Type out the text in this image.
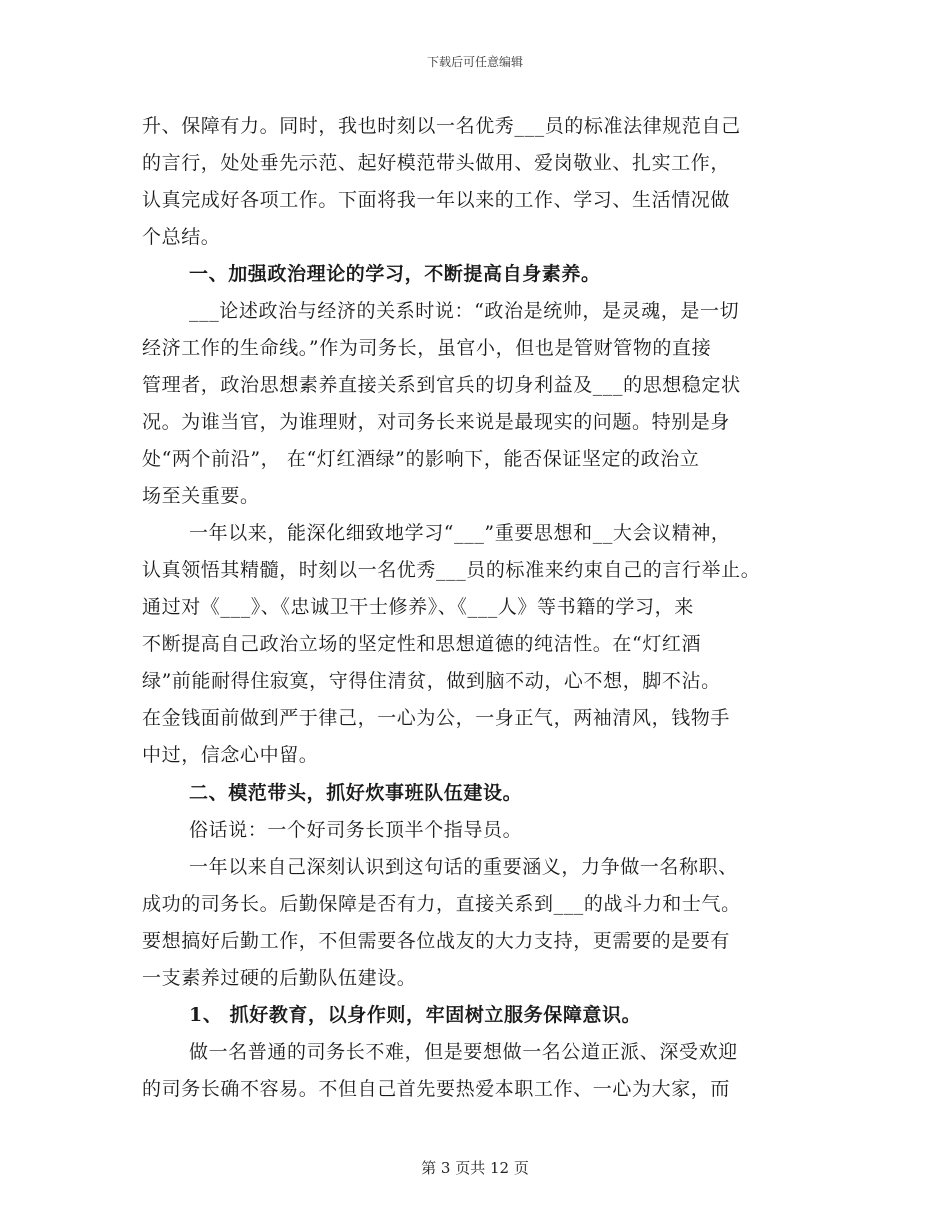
下载后可任意编辑
升、保障有力。同时，我也时刻以一名优秀___员的标准法律规范自己
的言行，处处垂先示范、起好模范带头做用、爱岗敬业、扎实工作，
认真完成好各项工作。下面将我一年以来的工作、学习、生活情况做
个总结。
一、加强政治理论的学习，不断提高自身素养。
___论述政治与经济的关系时说：“政治是统帅，是灵魂，是一切
经济工作的生命线。”作为司务长，虽官小，但也是管财管物的直接
管理者，政治思想素养直接关系到官兵的切身利益及___的思想稳定状
况。为谁当官，为谁理财，对司务长来说是最现实的问题。特别是身
处“两个前沿”， 在“灯红酒绿”的影响下，能否保证坚定的政治立
场至关重要。
一年以来，能深化细致地学习“___”重要思想和__大会议精神，
认真领悟其精髓，时刻以一名优秀___员的标准来约束自己的言行举止。
通过对《___》、《忠诚卫干士修养》、《___人》等书籍的学习，来
不断提高自己政治立场的坚定性和思想道德的纯洁性。在“灯红酒
绿”前能耐得住寂寞，守得住清贫，做到脑不动，心不想，脚不沾。
在金钱面前做到严于律己，一心为公，一身正气，两袖清风，钱物手
中过，信念心中留。
二、模范带头，抓好炊事班队伍建设。
俗话说：一个好司务长顶半个指导员。
一年以来自己深刻认识到这句话的重要涵义，力争做一名称职、
成功的司务长。后勤保障是否有力，直接关系到___的战斗力和士气。
要想搞好后勤工作，不但需要各位战友的大力支持，更需要的是要有
一支素养过硬的后勤队伍建设。
1、 抓好教育，以身作则，牢固树立服务保障意识。
做一名普通的司务长不难，但是要想做一名公道正派、深受欢迎
的司务长确不容易。不但自己首先要热爱本职工作、一心为大家，而
第 3 页共 12 页
